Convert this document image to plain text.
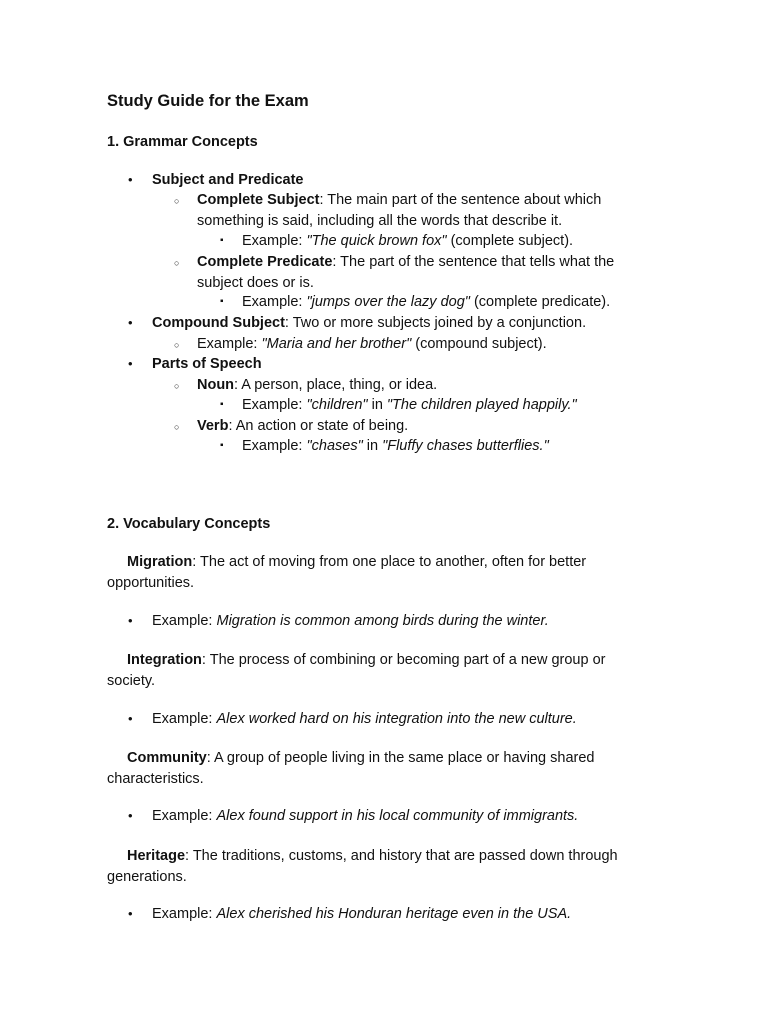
Study Guide for the Exam
1. Grammar Concepts
• Subject and Predicate
○ Complete Subject: The main part of the sentence about which
something is said, including all the words that describe it.
▪ Example: "The quick brown fox" (complete subject).
○ Complete Predicate: The part of the sentence that tells what the
subject does or is.
▪ Example: "jumps over the lazy dog" (complete predicate).
• Compound Subject: Two or more subjects joined by a conjunction.
○ Example: "Maria and her brother" (compound subject).
• Parts of Speech
○ Noun: A person, place, thing, or idea.
▪ Example: "children" in "The children played happily."
○ Verb: An action or state of being.
▪ Example: "chases" in "Fluffy chases butterflies."
2. Vocabulary Concepts
Migration: The act of moving from one place to another, often for better
opportunities.
• Example: Migration is common among birds during the winter.
Integration: The process of combining or becoming part of a new group or
society.
• Example: Alex worked hard on his integration into the new culture.
Community: A group of people living in the same place or having shared
characteristics.
• Example: Alex found support in his local community of immigrants.
Heritage: The traditions, customs, and history that are passed down through
generations.
• Example: Alex cherished his Honduran heritage even in the USA.
